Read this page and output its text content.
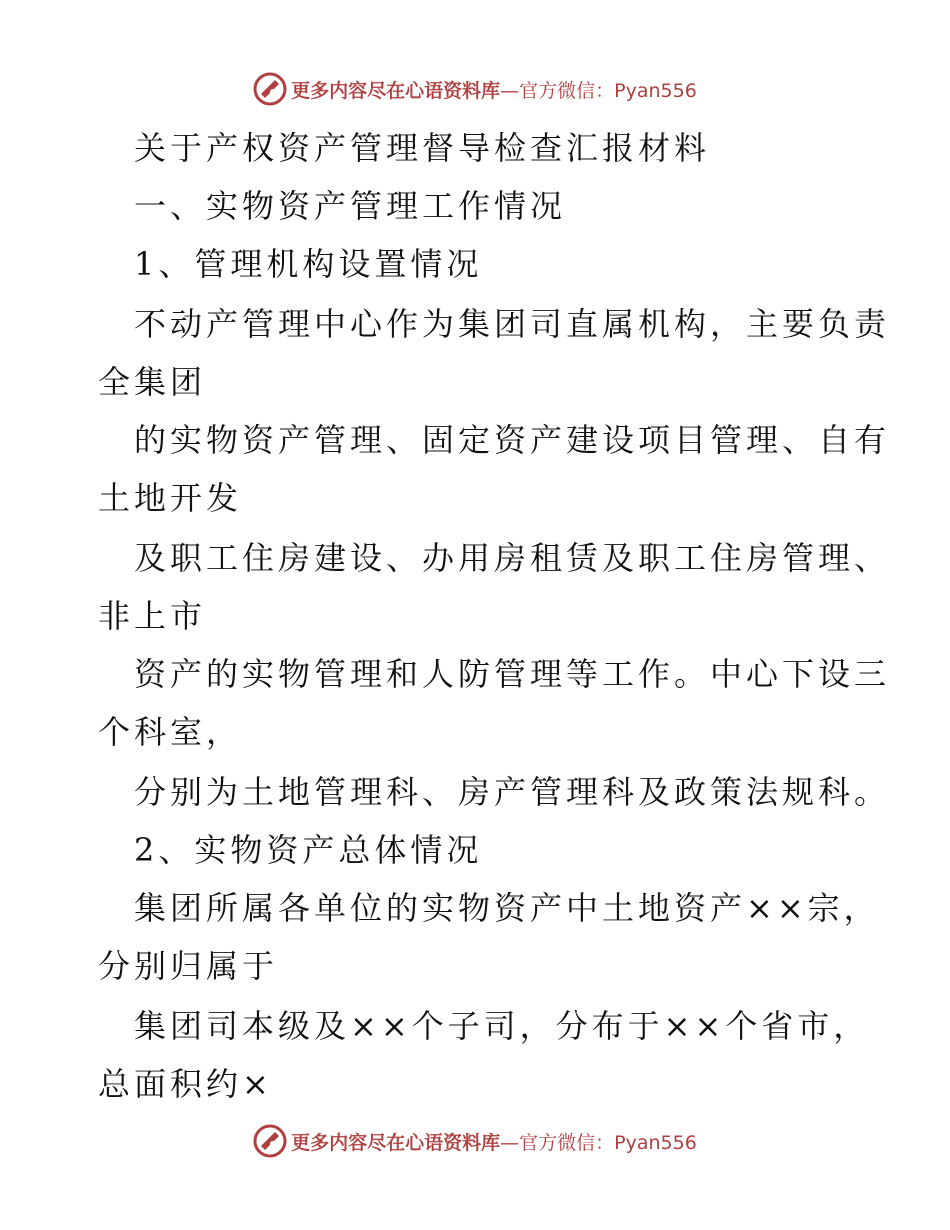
更多内容尽在心语资料库 —官方微信：Pyan556
关于产权资产管理督导检查汇报材料
一、实物资产管理工作情况
1、管理机构设置情况
不动产管理中心作为集团司直属机构，主要负责
全集团
的实物资产管理、固定资产建设项目管理、自有
土地开发
及职工住房建设、办用房租赁及职工住房管理、
非上市
资产的实物管理和人防管理等工作。中心下设三
个科室，
分别为土地管理科、房产管理科及政策法规科。
2、实物资产总体情况
集团所属各单位的实物资产中土地资产××宗，
分别归属于
集团司本级及××个子司，分布于××个省市，
总面积约×
更多内容尽在心语资料库 —官方微信：Pyan556
